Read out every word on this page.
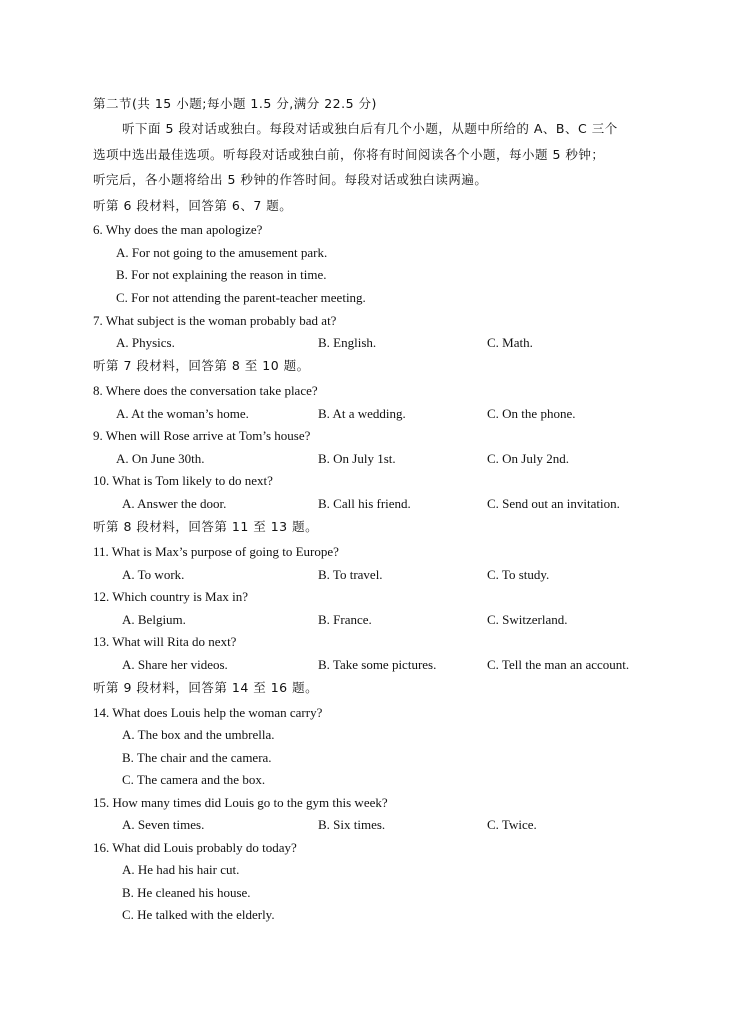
第二节(共 15 小题;每小题 1.5 分,满分 22.5 分)
听下面 5 段对话或独白。每段对话或独白后有几个小题，从题中所给的 A、B、C 三个
选项中选出最佳选项。听每段对话或独白前，你将有时间阅读各个小题，每小题 5 秒钟；
听完后，各小题将给出 5 秒钟的作答时间。每段对话或独白读两遍。
听第 6 段材料，回答第 6、7 题。
6. Why does the man apologize?
A. For not going to the amusement park.
B. For not explaining the reason in time.
C. For not attending the parent-teacher meeting.
7. What subject is the woman probably bad at?
A. Physics.	B. English.	C. Math.
听第 7 段材料，回答第 8 至 10 题。
8. Where does the conversation take place?
A. At the woman’s home.	B. At a wedding.	C. On the phone.
9. When will Rose arrive at Tom’s house?
A. On June 30th.	B. On July 1st.	C. On July 2nd.
10. What is Tom likely to do next?
A. Answer the door.	B. Call his friend.	C. Send out an invitation.
听第 8 段材料，回答第 11 至 13 题。
11. What is Max’s purpose of going to Europe?
A. To work.	B. To travel.	C. To study.
12. Which country is Max in?
A. Belgium.	B. France.	C. Switzerland.
13. What will Rita do next?
A. Share her videos.	B. Take some pictures.	C. Tell the man an account.
听第 9 段材料，回答第 14 至 16 题。
14. What does Louis help the woman carry?
A. The box and the umbrella.
B. The chair and the camera.
C. The camera and the box.
15. How many times did Louis go to the gym this week?
A. Seven times.	B. Six times.	C. Twice.
16. What did Louis probably do today?
A. He had his hair cut.
B. He cleaned his house.
C. He talked with the elderly.
